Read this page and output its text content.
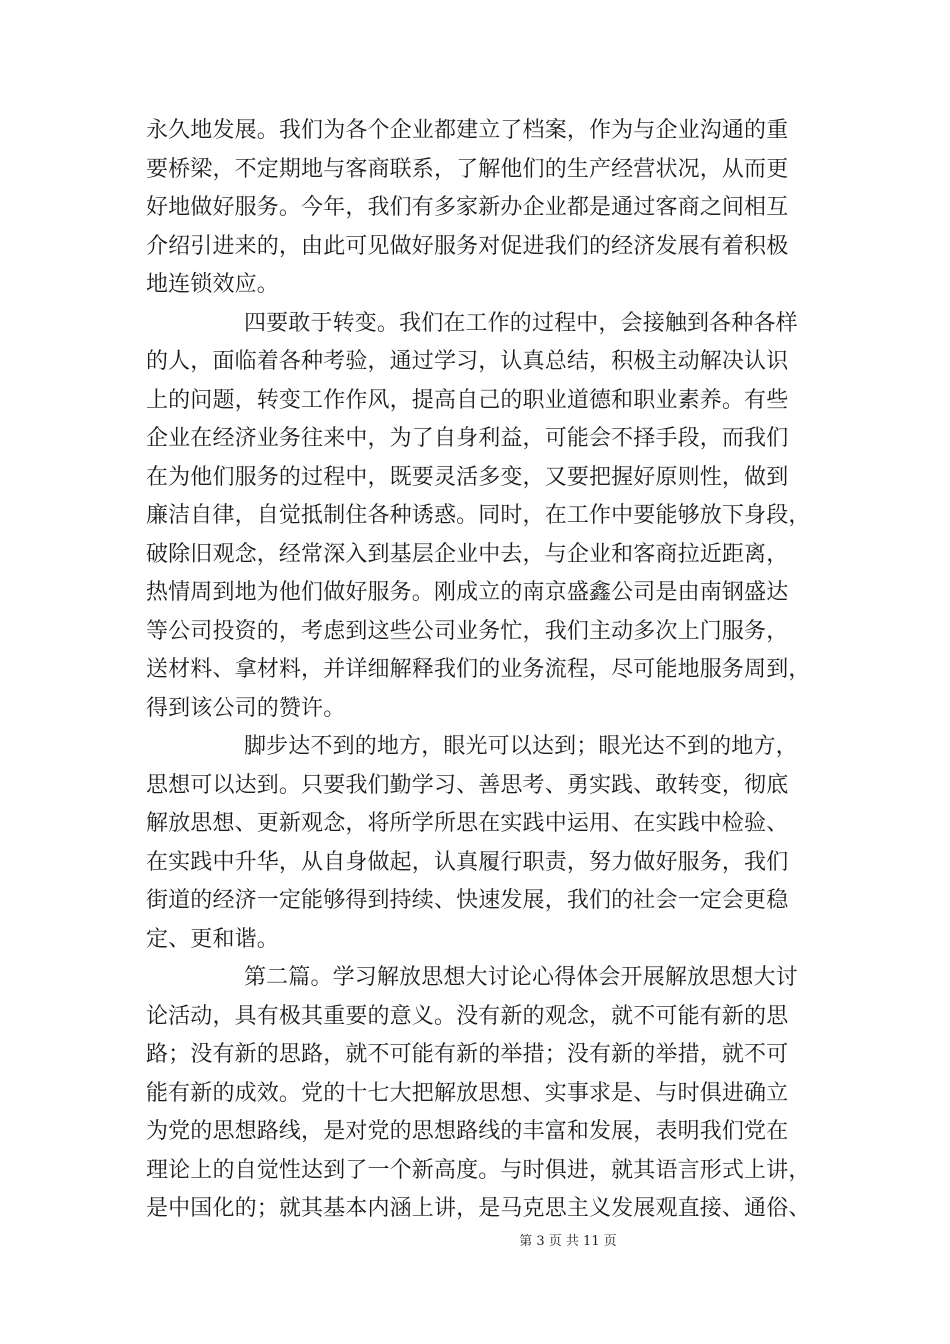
永久地发展。我们为各个企业都建立了档案，作为与企业沟通的重
要桥梁，不定期地与客商联系，了解他们的生产经营状况，从而更
好地做好服务。今年，我们有多家新办企业都是通过客商之间相互
介绍引进来的，由此可见做好服务对促进我们的经济发展有着积极
地连锁效应。
四要敢于转变。我们在工作的过程中，会接触到各种各样
的人，面临着各种考验，通过学习，认真总结，积极主动解决认识
上的问题，转变工作作风，提高自己的职业道德和职业素养。有些
企业在经济业务往来中，为了自身利益，可能会不择手段，而我们
在为他们服务的过程中，既要灵活多变，又要把握好原则性，做到
廉洁自律，自觉抵制住各种诱惑。同时，在工作中要能够放下身段，
破除旧观念，经常深入到基层企业中去，与企业和客商拉近距离，
热情周到地为他们做好服务。刚成立的南京盛鑫公司是由南钢盛达
等公司投资的，考虑到这些公司业务忙，我们主动多次上门服务，
送材料、拿材料，并详细解释我们的业务流程，尽可能地服务周到，
得到该公司的赞许。
脚步达不到的地方，眼光可以达到；眼光达不到的地方，
思想可以达到。只要我们勤学习、善思考、勇实践、敢转变，彻底
解放思想、更新观念，将所学所思在实践中运用、在实践中检验、
在实践中升华，从自身做起，认真履行职责，努力做好服务，我们
街道的经济一定能够得到持续、快速发展，我们的社会一定会更稳
定、更和谐。
第二篇。学习解放思想大讨论心得体会开展解放思想大讨
论活动，具有极其重要的意义。没有新的观念，就不可能有新的思
路；没有新的思路，就不可能有新的举措；没有新的举措，就不可
能有新的成效。党的十七大把解放思想、实事求是、与时俱进确立
为党的思想路线，是对党的思想路线的丰富和发展，表明我们党在
理论上的自觉性达到了一个新高度。与时俱进，就其语言形式上讲，
是中国化的；就其基本内涵上讲，是马克思主义发展观直接、通俗、
第 3 页 共 11 页
